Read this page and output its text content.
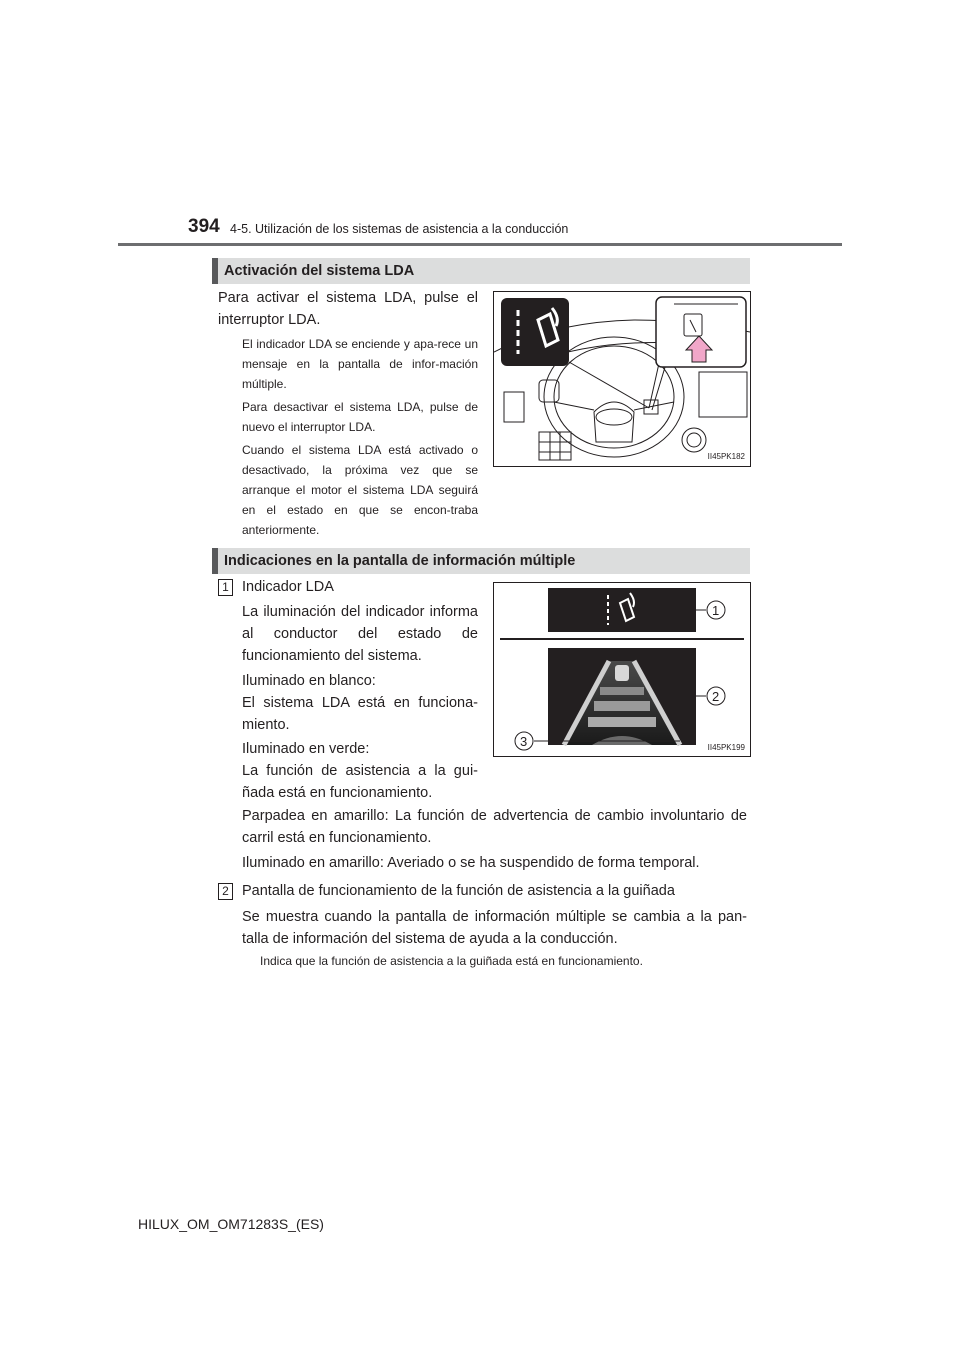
394 4-5. Utilización de los sistemas de asistencia a la conducción
Activación del sistema LDA
Para activar el sistema LDA, pulse el interruptor LDA.
El indicador LDA se enciende y apa-rece un mensaje en la pantalla de infor-mación múltiple.
Para desactivar el sistema LDA, pulse de nuevo el interruptor LDA.
Cuando el sistema LDA está activado o desactivado, la próxima vez que se arranque el motor el sistema LDA seguirá en el estado en que se encon-traba anteriormente.
II45PK182
Indicaciones en la pantalla de información múltiple
1 Indicador LDA
La iluminación del indicador informa al conductor del estado de funcionamiento del sistema.
Iluminado en blanco:
El sistema LDA está en funciona-miento.
Iluminado en verde:
La función de asistencia a la gui-ñada está en funcionamiento.
Parpadea en amarillo: La función de advertencia de cambio involuntario de carril está en funcionamiento.
Iluminado en amarillo: Averiado o se ha suspendido de forma temporal.
1
2
3	II45PK199
2 Pantalla de funcionamiento de la función de asistencia a la guiñada
Se muestra cuando la pantalla de información múltiple se cambia a la pan-talla de información del sistema de ayuda a la conducción.
Indica que la función de asistencia a la guiñada está en funcionamiento.
HILUX_OM_OM71283S_(ES)
